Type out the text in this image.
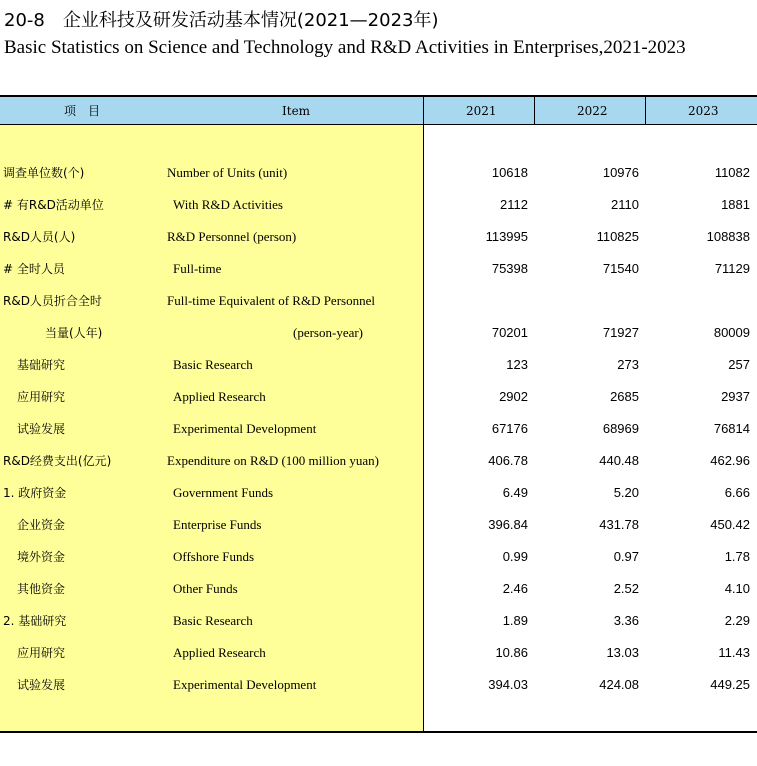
20-8　企业科技及研发活动基本情况(2021—2023年)
Basic Statistics on Science and Technology and R&D Activities in Enterprises,2021-2023
项　目	Item	2021	2022	2023
调查单位数(个)	Number of Units (unit)	10618	10976	11082
# 有R&D活动单位	With R&D Activities	2112	2110	1881
R&D人员(人)	R&D Personnel (person)	113995	110825	108838
# 全时人员	Full-time	75398	71540	71129
R&D人员折合全时	Full-time Equivalent of R&D Personnel
当量(人年)	(person-year)	70201	71927	80009
基础研究	Basic Research	123	273	257
应用研究	Applied Research	2902	2685	2937
试验发展	Experimental Development	67176	68969	76814
R&D经费支出(亿元)	Expenditure on R&D (100 million yuan)	406.78	440.48	462.96
1. 政府资金	Government Funds	6.49	5.20	6.66
企业资金	Enterprise Funds	396.84	431.78	450.42
境外资金	Offshore Funds	0.99	0.97	1.78
其他资金	Other Funds	2.46	2.52	4.10
2. 基础研究	Basic Research	1.89	3.36	2.29
应用研究	Applied Research	10.86	13.03	11.43
试验发展	Experimental Development	394.03	424.08	449.25
